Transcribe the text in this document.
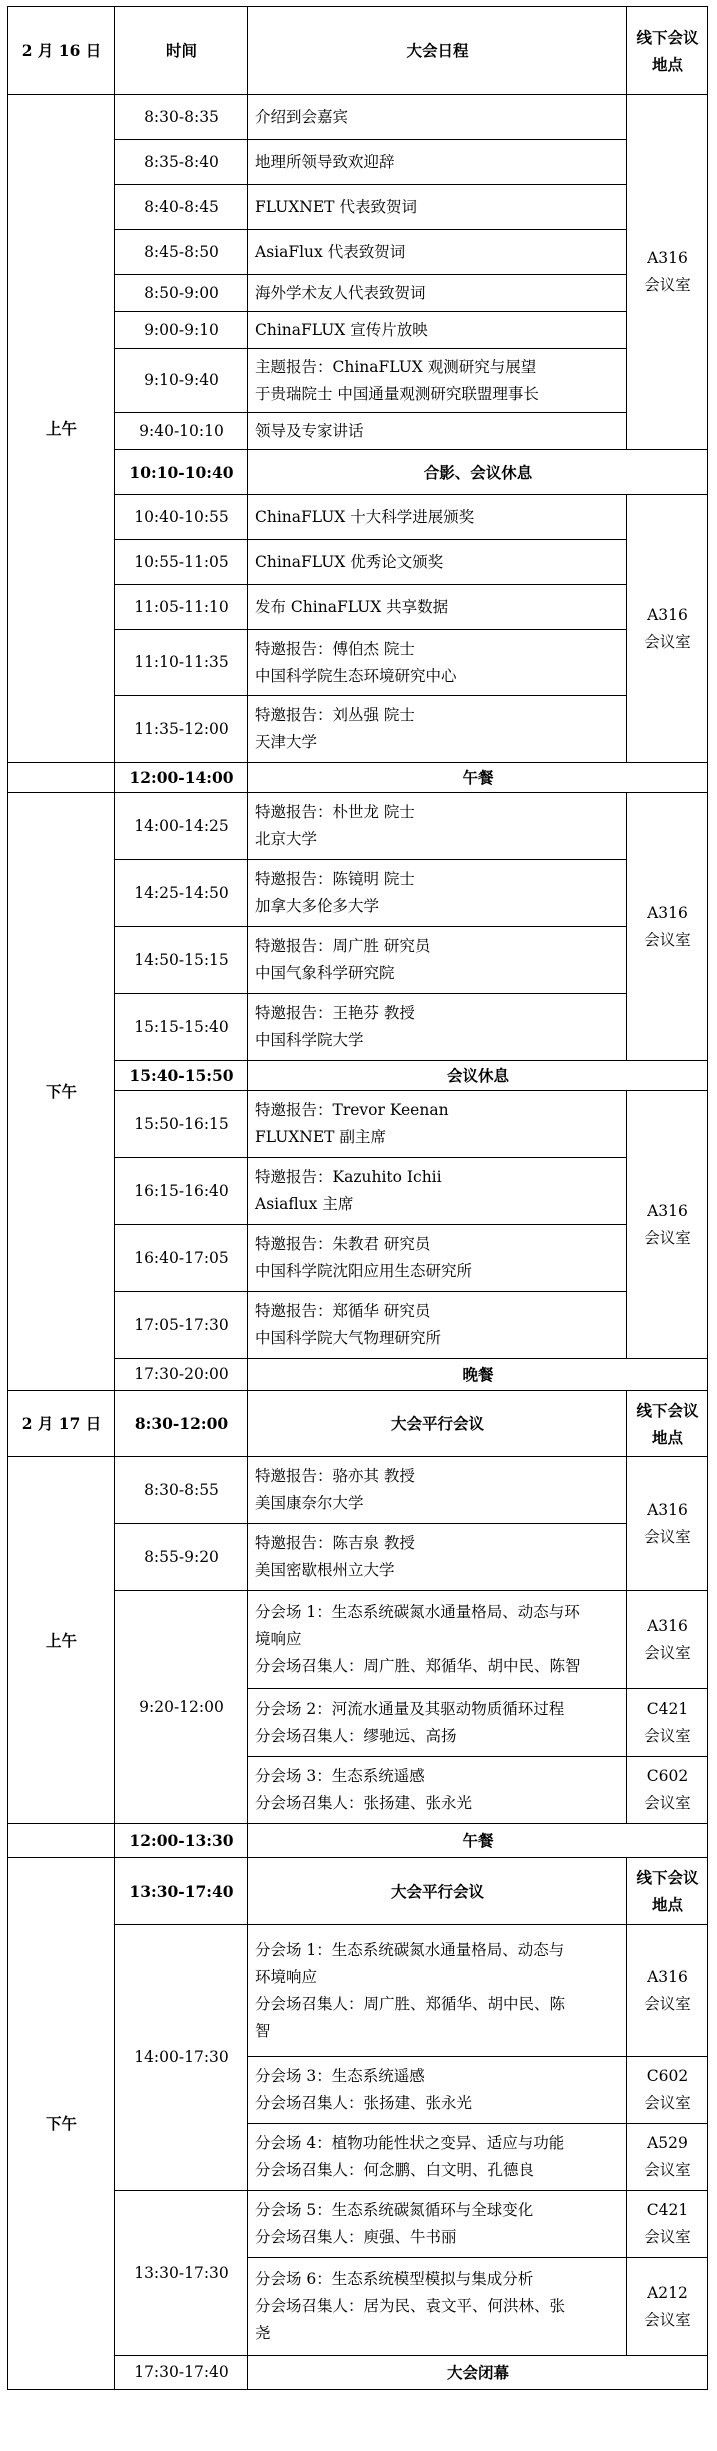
2 月 16 日	时间	大会日程	线下会议
地点
上午	8:30-8:35	介绍到会嘉宾	A316
会议室
	8:35-8:40	地理所领导致欢迎辞	
	8:40-8:45	FLUXNET 代表致贺词	
	8:45-8:50	AsiaFlux 代表致贺词	
	8:50-9:00	海外学术友人代表致贺词	
	9:00-9:10	ChinaFLUX 宣传片放映	
	9:10-9:40	主题报告：ChinaFLUX 观测研究与展望
于贵瑞院士 中国通量观测研究联盟理事长	
	9:40-10:10	领导及专家讲话	
	10:10-10:40	合影、会议休息	
	10:40-10:55	ChinaFLUX 十大科学进展颁奖	A316
会议室
	10:55-11:05	ChinaFLUX 优秀论文颁奖	
	11:05-11:10	发布 ChinaFLUX 共享数据	
	11:10-11:35	特邀报告：傅伯杰 院士
中国科学院生态环境研究中心	
	11:35-12:00	特邀报告：刘丛强 院士
天津大学	
	12:00-14:00	午餐	
下午	14:00-14:25	特邀报告：朴世龙 院士
北京大学	A316
会议室
	14:25-14:50	特邀报告：陈镜明 院士
加拿大多伦多大学	
	14:50-15:15	特邀报告：周广胜 研究员
中国气象科学研究院	
	15:15-15:40	特邀报告：王艳芬 教授
中国科学院大学	
	15:40-15:50	会议休息	
	15:50-16:15	特邀报告：Trevor Keenan
FLUXNET 副主席	A316
会议室
	16:15-16:40	特邀报告：Kazuhito Ichii
Asiaflux 主席	
	16:40-17:05	特邀报告：朱教君 研究员
中国科学院沈阳应用生态研究所	
	17:05-17:30	特邀报告：郑循华 研究员
中国科学院大气物理研究所	
	17:30-20:00	晚餐	
2 月 17 日	8:30-12:00	大会平行会议	线下会议
地点
上午	8:30-8:55	特邀报告：骆亦其 教授
美国康奈尔大学	A316
会议室
	8:55-9:20	特邀报告：陈吉泉 教授
美国密歇根州立大学	
	9:20-12:00	分会场 1：生态系统碳氮水通量格局、动态与环
境响应
分会场召集人：周广胜、郑循华、胡中民、陈智	A316
会议室
		分会场 2：河流水通量及其驱动物质循环过程
分会场召集人：缪驰远、高扬	C421
会议室
		分会场 3：生态系统遥感
分会场召集人：张扬建、张永光	C602
会议室
	12:00-13:30	午餐	
下午	13:30-17:40	大会平行会议	线下会议
地点
	14:00-17:30	分会场 1：生态系统碳氮水通量格局、动态与
环境响应
分会场召集人：周广胜、郑循华、胡中民、陈
智	A316
会议室
		分会场 3：生态系统遥感
分会场召集人：张扬建、张永光	C602
会议室
		分会场 4：植物功能性状之变异、适应与功能
分会场召集人：何念鹏、白文明、孔德良	A529
会议室
	13:30-17:30	分会场 5：生态系统碳氮循环与全球变化
分会场召集人：庾强、牛书丽	C421
会议室
		分会场 6：生态系统模型模拟与集成分析
分会场召集人：居为民、袁文平、何洪林、张
尧	A212
会议室
	17:30-17:40	大会闭幕	
